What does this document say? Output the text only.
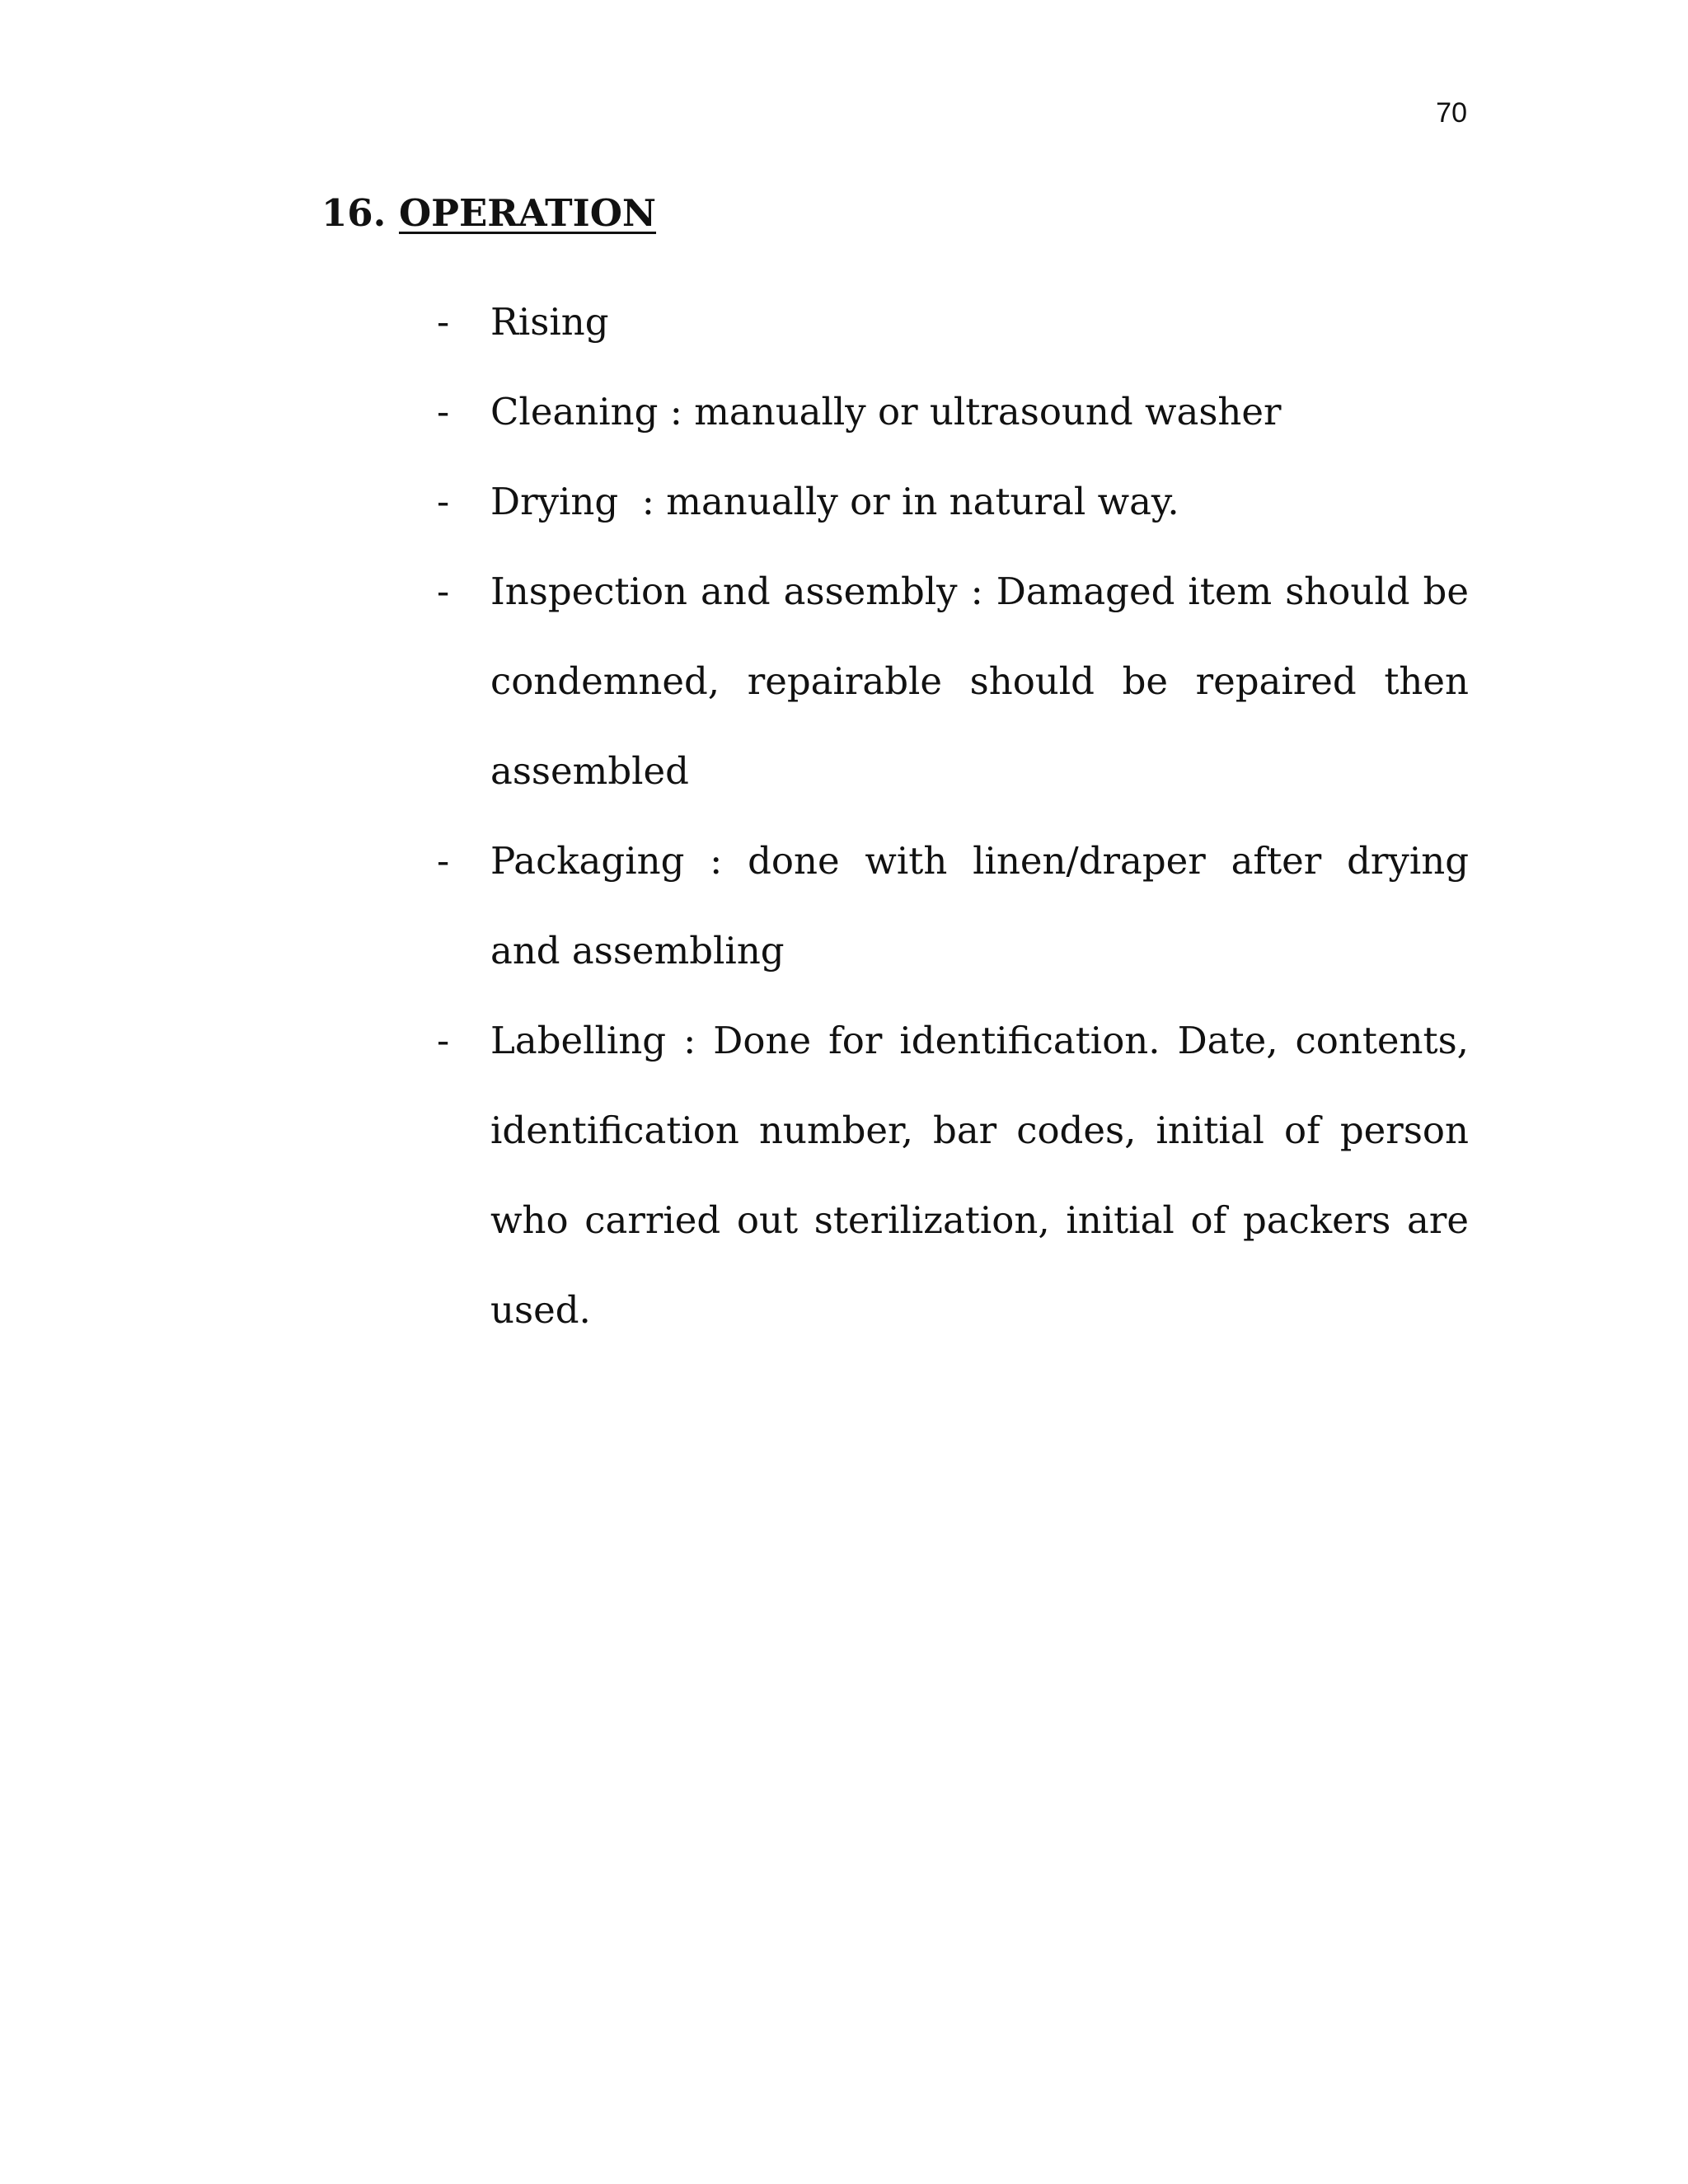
70
16. OPERATION
- Rising
- Cleaning : manually or ultrasound washer
- Drying  : manually or in natural way.
- Inspection and assembly : Damaged item should be condemned, repairable should be repaired then assembled
- Packaging : done with linen/draper after drying and assembling
- Labelling : Done for identification. Date, contents, identification number, bar codes, initial of person who carried out sterilization, initial of packers are used.
